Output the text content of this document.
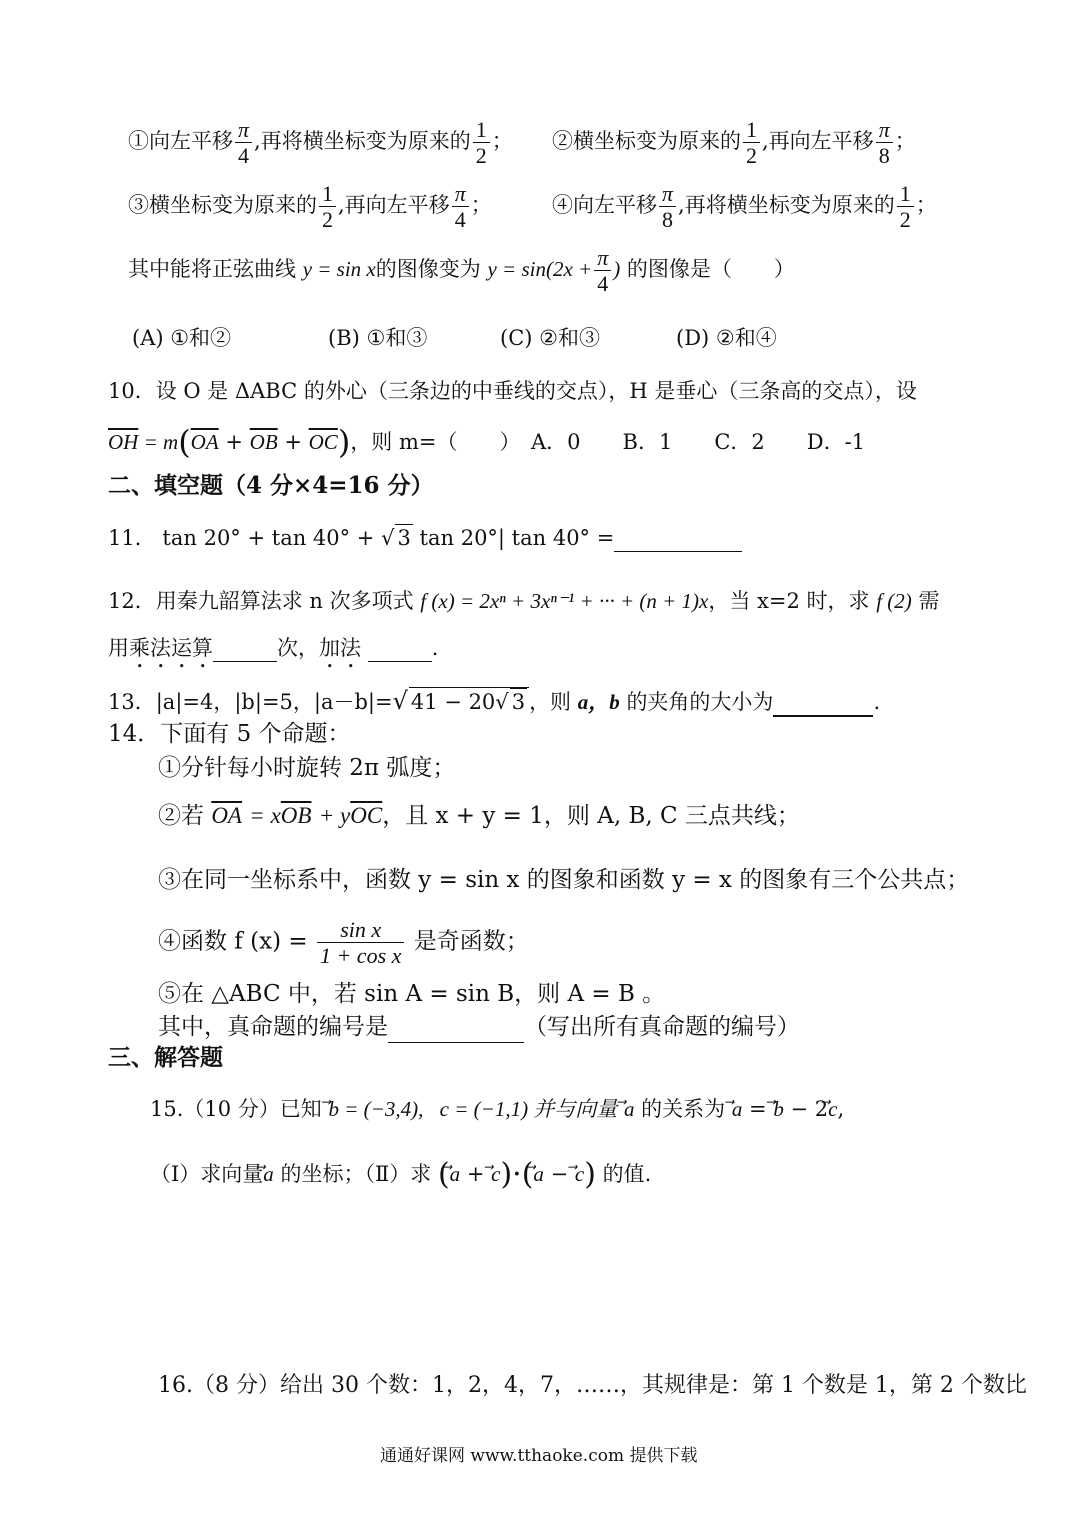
①向左平移 $\frac{\pi}{4}$ ,再将横坐标变为原来的 $\frac{1}{2}$ ； ②横坐标变为原来的 $\frac{1}{2}$ ,再向左平移 $\frac{\pi}{8}$ ；
③横坐标变为原来的 $\frac{1}{2}$ ,再向左平移 $\frac{\pi}{4}$ ；	④向左平移 $\frac{\pi}{8}$ ,再将横坐标变为原来的 $\frac{1}{2}$ ；
其中能将正弦曲线 y = sin x的图像变为 $y = \sin(2x + \frac{\pi}{4}$ ) 的图像是（　　）
(A) ①和②	(B) ①和③	(C) ②和③	(D) ②和④
10．设 O 是 ΔABC 的外心（三条边的中垂线的交点），H 是垂心（三条高的交点），设
$\overline{OH} = m(\overline{OA} + \overline{OB} + \overline{OC})$，则 m=（　　）　A．0　　B．1　　C．2　　D．-1
二、填空题（4 分×4=16 分）
11． tan 20° + tan 40° + √ 3 tan 20°| tan 40° =
12．用秦九韶算法求 n 次多项式 f (x) = 2xⁿ + 3xⁿ⁻¹ + ··· + (n + 1)x，当 x=2 时，求 f (2) 需
用乘法运算	次，加法	.
13．|a|=4，|b|=5，|a－b|=√ 41 − 20√ 3 ，则 a，b 的夹角的大小为	.
14．下面有 5 个命题：
①分针每小时旋转 2π 弧度；
②若 $\overline{OA} = x\overline{OB} + y\overline{OC}$，且 x + y = 1，则 A, B, C 三点共线；
③在同一坐标系中，函数 y = sin x 的图象和函数 y = x 的图象有三个公共点；
④函数 f $(x) = \frac{\text{sin x}}{\text{1 + cos x}}$ 是奇函数；
⑤在 △ABC 中，若 sin A = sin B，则 A = B 。
其中，真命题的编号是	（写出所有真命题的编号）
三、解答题
15.（10 分）已知 b = (−3,4),c = (−1,1) 并与向量 a 的关系为 a = b − 2c,
（Ⅰ）求向量a 的坐标；（Ⅱ）求 (a + c)·(a − c) 的值.
16.（8 分）给出 30 个数：1，2，4，7，……，其规律是：第 1 个数是 1，第 2 个数比
通通好课网 www.tthaoke.com 提供下载
